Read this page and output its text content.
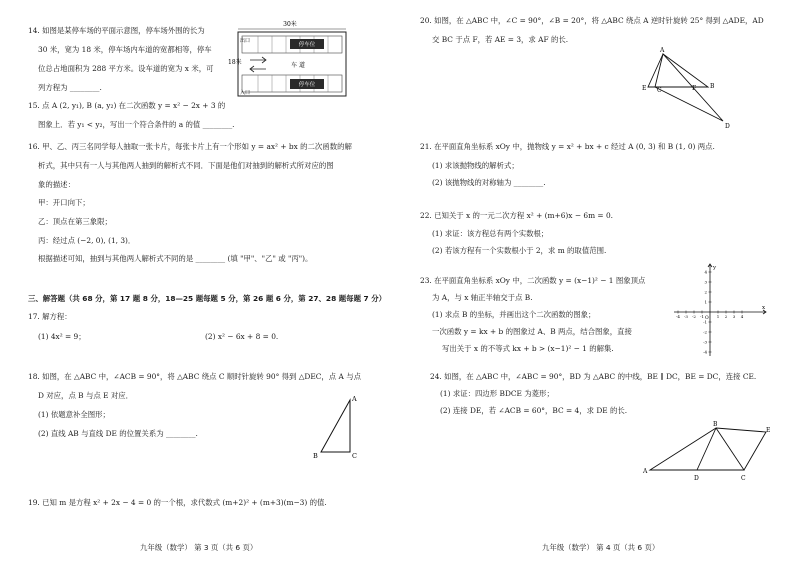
14. 如图是某停车场的平面示意图，停车场外围的长为
30 米，宽为 18 米，停车场内车道的宽都相等，停车
位总占地面积为 288 平方米。设车道的宽为 x 米，可
列方程为 ________.
30米
18米
停车位
停车位
车 道
出口
入口
15. 点 A (2, y₁), B (a, y₂) 在二次函数 y = x² − 2x + 3 的
图象上．若 y₁ < y₂，写出一个符合条件的 a 的值 ________.
16. 甲、乙、丙三名同学每人抽取一张卡片，每张卡片上有一个形如 y = ax² + bx 的二次函数的解
析式，其中只有一人与其他两人抽到的解析式不同．下面是他们对抽到的解析式所对应的图
象的描述：
甲：开口向下；
乙：顶点在第三象限；
丙：经过点 (−2, 0), (1, 3)．
根据描述可知，抽到与其他两人解析式不同的是 ________ (填 "甲"、"乙" 或 "丙")。
三、解答题（共 68 分，第 17 题 8 分，18—25 题每题 5 分，第 26 题 6 分，第 27、28 题每题 7 分）
17. 解方程：
(1) 4x² = 9；	(2) x² − 6x + 8 = 0.
18. 如图，在 △ABC 中，∠ACB = 90°，将 △ABC 绕点 C 顺时针旋转 90° 得到 △DEC，点 A 与点
D 对应，点 B 与点 E 对应．
(1) 依题意补全图形；
(2) 直线 AB 与直线 DE 的位置关系为 ________.
A
B	C
19. 已知 m 是方程 x² + 2x − 4 = 0 的一个根，求代数式 (m+2)² + (m+3)(m−3) 的值.
九年级（数学） 第 3 页（共 6 页）
20. 如图，在 △ABC 中，∠C = 90°，∠B = 20°，将 △ABC 绕点 A 逆时针旋转 25° 得到 △ADE，AD
交 BC 于点 F，若 AE = 3，求 AF 的长.
A
E C	F B
D
21. 在平面直角坐标系 xOy 中，抛物线 y = x² + bx + c 经过 A (0, 3) 和 B (1, 0) 两点.
(1) 求该抛物线的解析式；
(2) 该抛物线的对称轴为 ________.
22. 已知关于 x 的一元二次方程 x² + (m+6)x − 6m = 0.
(1) 求证：该方程总有两个实数根；
(2) 若该方程有一个实数根小于 2，求 m 的取值范围.
23. 在平面直角坐标系 xOy 中，二次函数 y = (x−1)² − 1 图象顶点
为 A，与 x 轴正半轴交于点 B.
(1) 求点 B 的坐标，并画出这个二次函数的图象；
一次函数 y = kx + b 的图象过 A、B 两点，结合图象，直接
写出关于 x 的不等式 kx + b > (x−1)² − 1 的解集.
x
y
O
-4 -3 -2 -1	1 2 3 4
4
3
2
1
-1
-2
-3
-4
24. 如图，在 △ABC 中，∠ABC = 90°，BD 为 △ABC 的中线，BE ∥ DC，BE = DC，连接 CE.
(1) 求证：四边形 BDCE 为菱形；
(2) 连接 DE，若 ∠ACB = 60°，BC = 4，求 DE 的长.
A
B
E
D	C
九年级（数学） 第 4 页（共 6 页）
